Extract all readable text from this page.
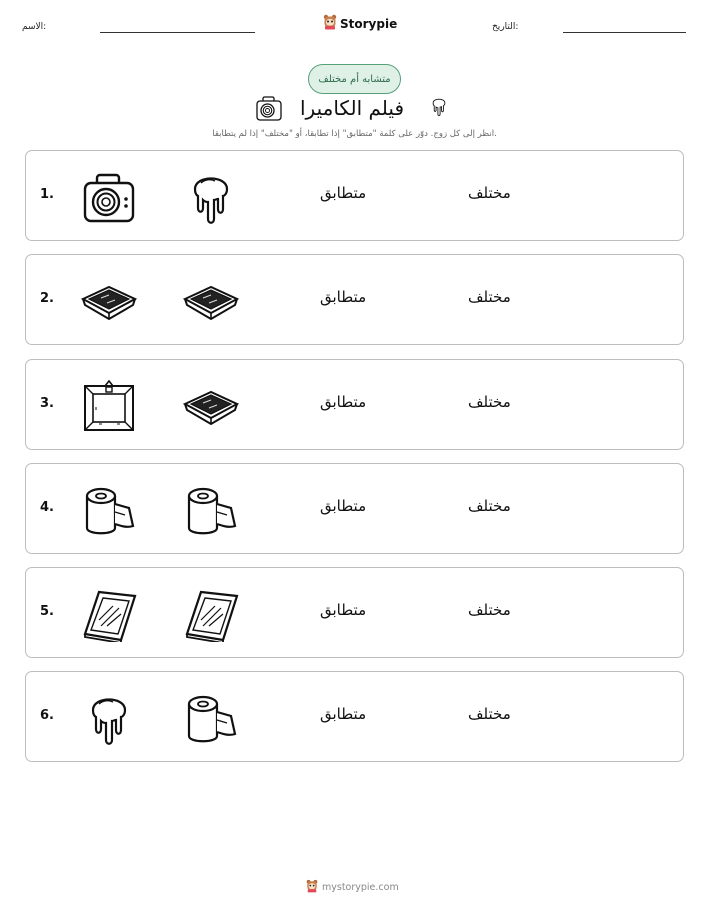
الاسم:	Storypie	التاريخ:
متشابه أم مختلف
فيلم الكاميرا
انظر إلى كل زوج. دوّر على كلمة "متطابق" إذا تطابقا، أو "مختلف" إذا لم يتطابقا.
1.	متطابق	مختلف
2.	متطابق	مختلف
3.	متطابق	مختلف
4.	متطابق	مختلف
5.	متطابق	مختلف
6.	متطابق	مختلف
mystorypie.com
